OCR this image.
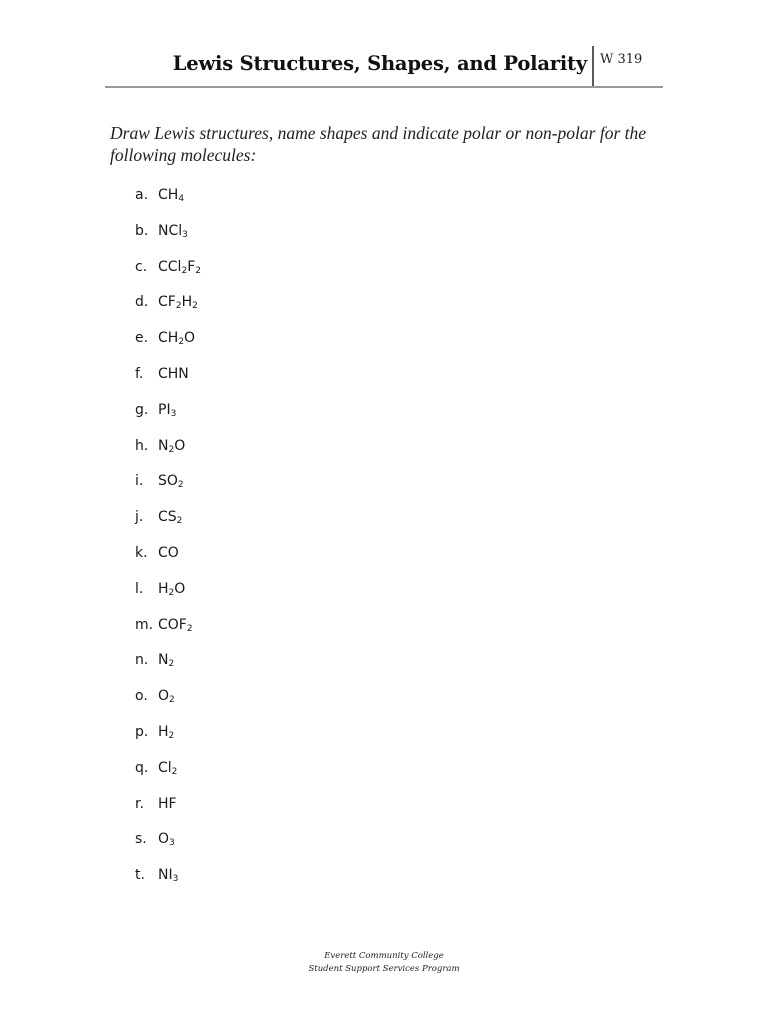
Lewis Structures, Shapes, and Polarity W 319
Draw Lewis structures, name shapes and indicate polar or non-polar for the following molecules:
a. $CH_4$
b. NCl$_3$
c. $CCl_2F_2$
d. $CF_2H_2$
e. $CH_2O$
f. CHN
g. $PI_3$
h. $N_2O$
i. $SO_2$
j. $CS_2$
k. CO
l. $H_2O$
m. $COF_2$
n. $N_2$
o. $O_2$
p. $H_2$
q. $Cl_2$
r. HF
s. $O_3$
t. $NI_3$
Everett Community College
Student Support Services Program
